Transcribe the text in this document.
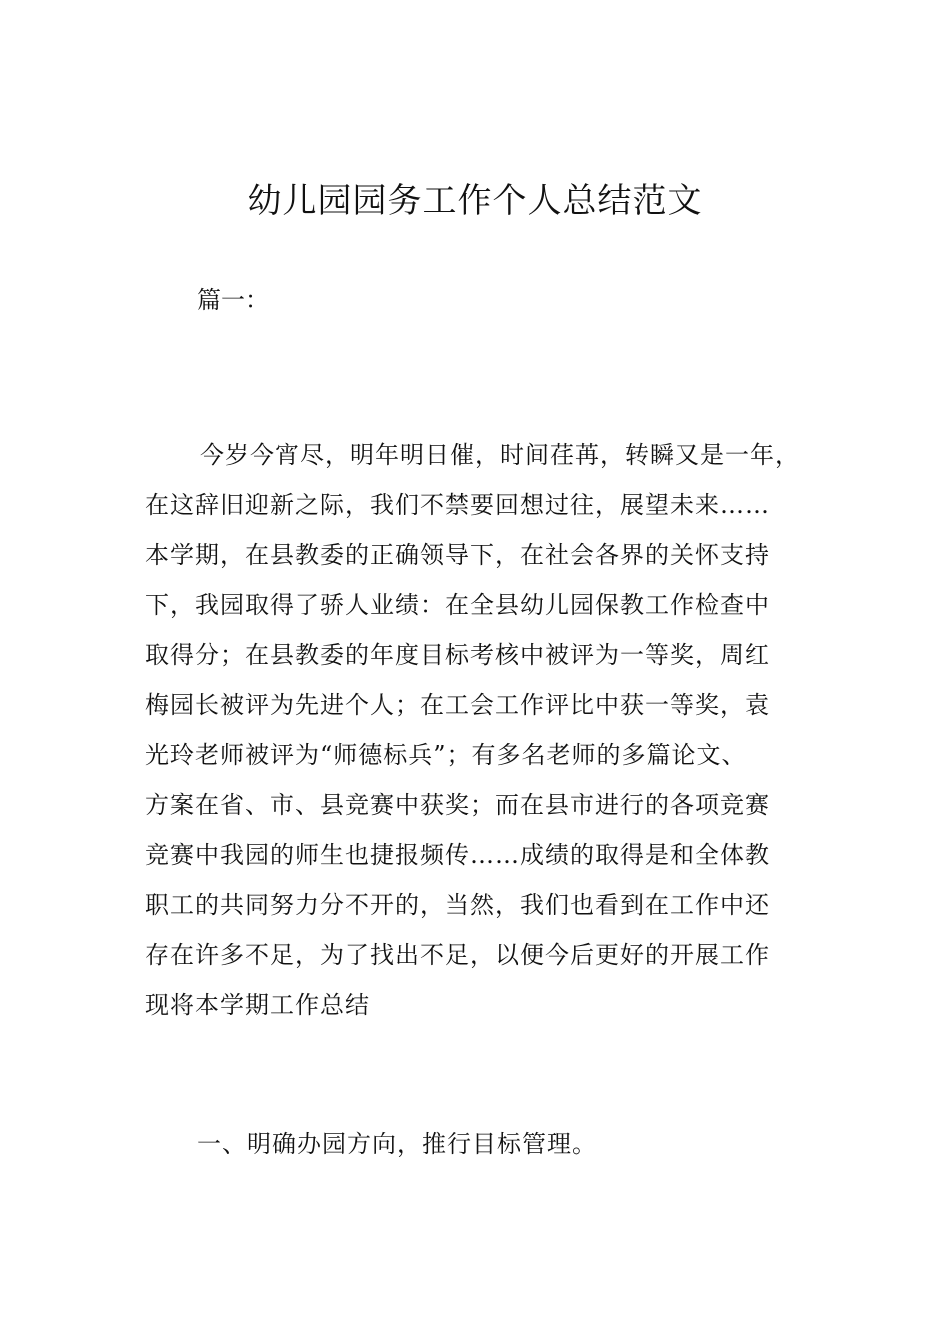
幼儿园园务工作个人总结范文

篇一：

今岁今宵尽，明年明日催，时间荏苒，转瞬又是一年，
在这辞旧迎新之际，我们不禁要回想过往，展望未来……
本学期，在县教委的正确领导下，在社会各界的关怀支持
下，我园取得了骄人业绩：在全县幼儿园保教工作检查中
取得分；在县教委的年度目标考核中被评为一等奖，周红
梅园长被评为先进个人；在工会工作评比中获一等奖，袁
光玲老师被评为“师德标兵”；有多名老师的多篇论文、
方案在省、市、县竞赛中获奖；而在县市进行的各项竞赛
竞赛中我园的师生也捷报频传……成绩的取得是和全体教
职工的共同努力分不开的，当然，我们也看到在工作中还
存在许多不足，为了找出不足，以便今后更好的开展工作
现将本学期工作总结

一、明确办园方向，推行目标管理。
